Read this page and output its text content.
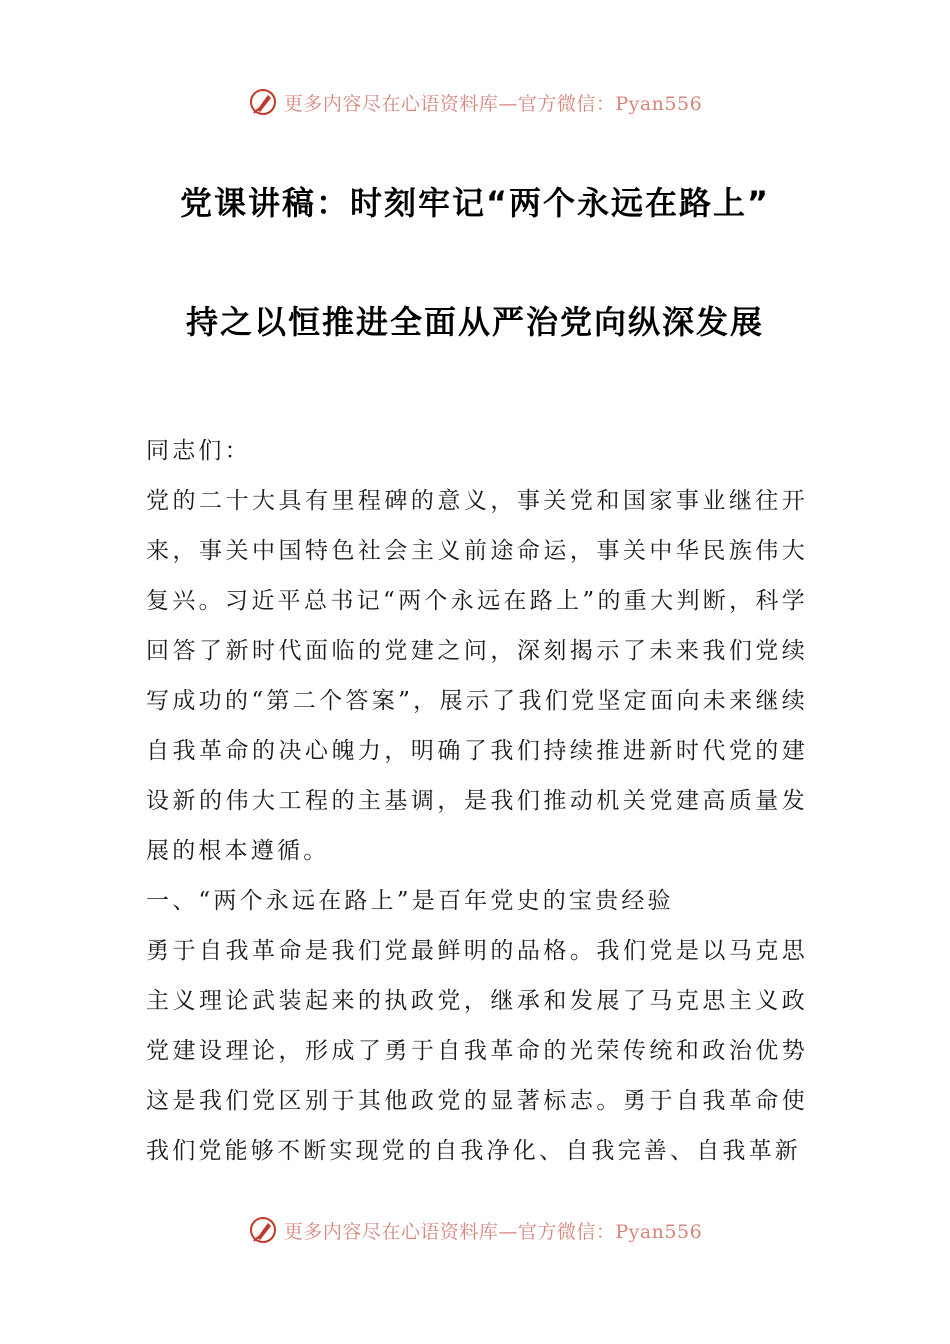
更多内容尽在心语资料库—官方微信：Pyan556
党课讲稿：时刻牢记“两个永远在路上”
持之以恒推进全面从严治党向纵深发展

同志们：

党的二十大具有里程碑的意义，事关党和国家事业继往开来，事关中国特色社会主义前途命运，事关中华民族伟大复兴。习近平总书记“两个永远在路上”的重大判断，科学回答了新时代面临的党建之问，深刻揭示了未来我们党续写成功的“第二个答案”，展示了我们党坚定面向未来继续自我革命的决心魄力，明确了我们持续推进新时代党的建设新的伟大工程的主基调，是我们推动机关党建高质量发展的根本遵循。

一、“两个永远在路上”是百年党史的宝贵经验

勇于自我革命是我们党最鲜明的品格。我们党是以马克思主义理论武装起来的执政党，继承和发展了马克思主义政党建设理论，形成了勇于自我革命的光荣传统和政治优势这是我们党区别于其他政党的显著标志。勇于自我革命使我们党能够不断实现党的自我净化、自我完善、自我革新

更多内容尽在心语资料库—官方微信：Pyan556
